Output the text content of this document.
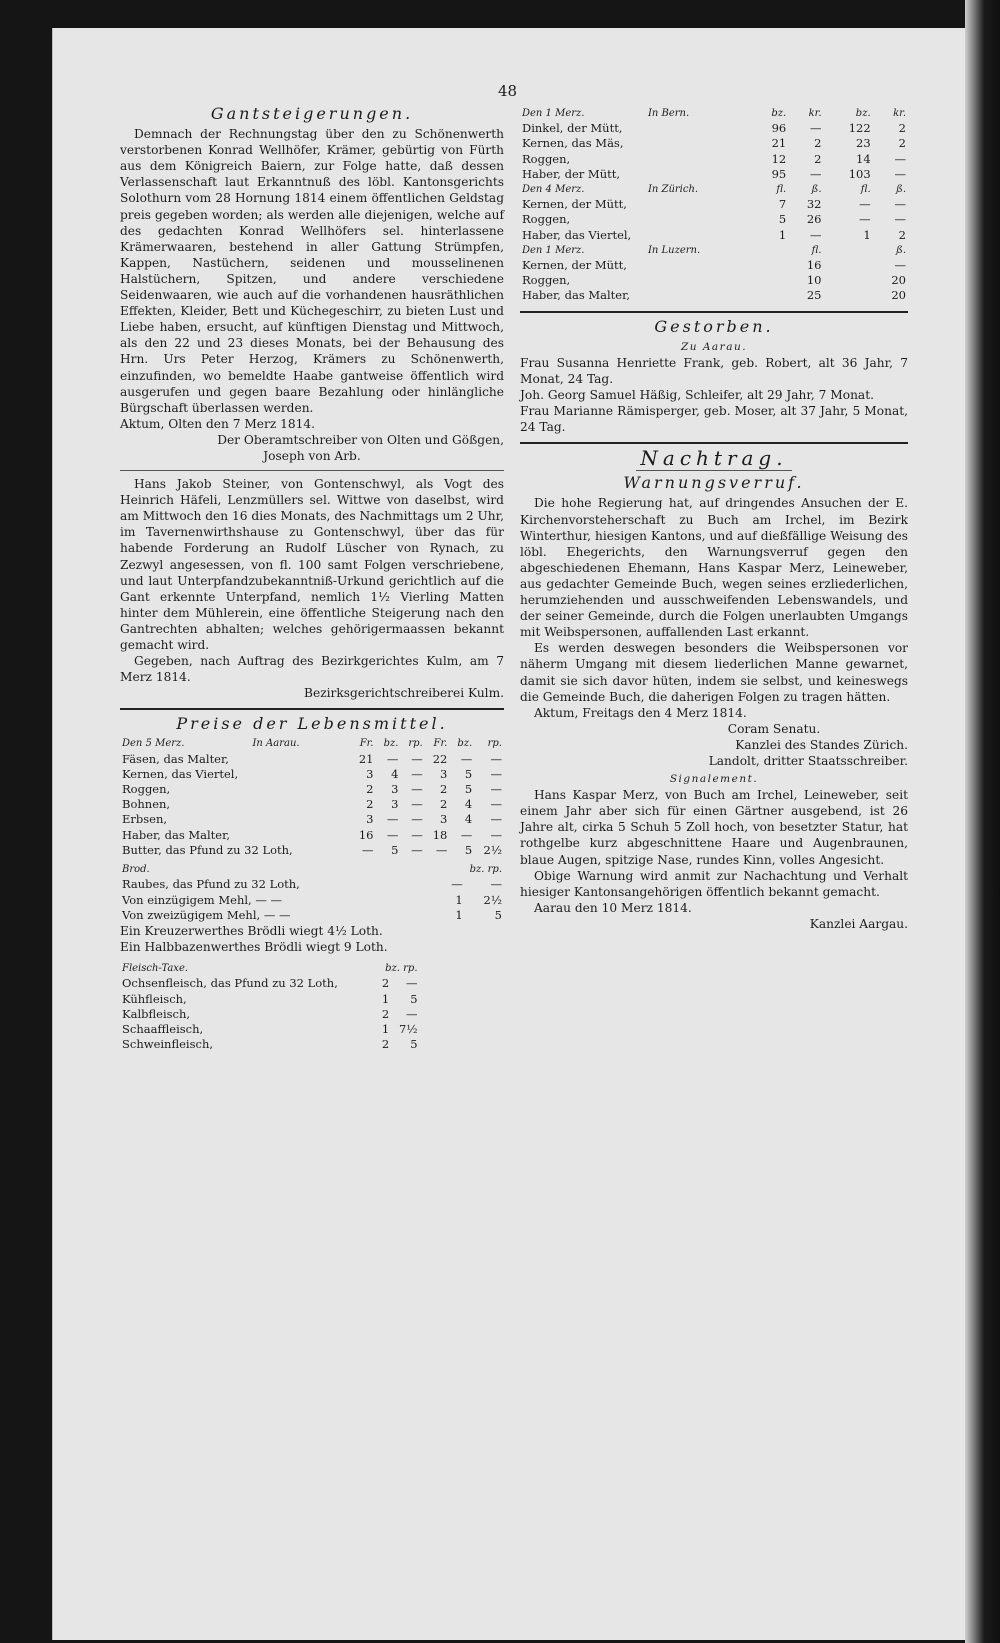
48
Gantsteigerungen.

Demnach der Rechnungstag über den zu Schönenwerth verstorbenen Konrad Wellhöfer, Krämer, gebürtig von Fürth aus dem Königreich Baiern, zur Folge hatte, daß dessen Verlassenschaft laut Erkanntnuß des löbl. Kantonsgerichts Solothurn vom 28 Hornung 1814 einem öffentlichen Geldstag preis gegeben worden; als werden alle diejenigen, welche auf des gedachten Konrad Wellhöfers sel. hinterlassene Krämerwaaren, bestehend in aller Gattung Strümpfen, Kappen, Nastüchern, seidenen und mousselinenen Halstüchern, Spitzen, und andere verschiedene Seidenwaaren, wie auch auf die vorhandenen hausräthlichen Effekten, Kleider, Bett und Küchegeschirr, zu bieten Lust und Liebe haben, ersucht, auf künftigen Dienstag und Mittwoch, als den 22 und 23 dieses Monats, bei der Behausung des Hrn. Urs Peter Herzog, Krämers zu Schönenwerth, einzufinden, wo bemeldte Haabe gantweise öffentlich wird ausgerufen und gegen baare Bezahlung oder hinlängliche Bürgschaft überlassen werden.

Aktum, Olten den 7 Merz 1814.

Der Oberamtschreiber von Olten und Gößgen,

Joseph von Arb.

Hans Jakob Steiner, von Gontenschwyl, als Vogt des Heinrich Häfeli, Lenzmüllers sel. Wittwe von daselbst, wird am Mittwoch den 16 dies Monats, des Nachmittags um 2 Uhr, im Tavernenwirthshause zu Gontenschwyl, über das für habende Forderung an Rudolf Lüscher von Rynach, zu Zezwyl angesessen, von fl. 100 samt Folgen verschriebene, und laut Unterpfandzubekanntniß-Urkund gerichtlich auf die Gant erkennte Unterpfand, nemlich 1½ Vierling Matten hinter dem Mühlerein, eine öffentliche Steigerung nach den Gantrechten abhalten; welches gehörigermaassen bekannt gemacht wird.

Gegeben, nach Auftrag des Bezirkgerichtes Kulm, am 7 Merz 1814.

Bezirksgerichtschreiberei Kulm.

Preise der Lebensmittel.
Den 5 Merz.	In Aarau.	Fr.	bz.	rp.	Fr.	bz.	rp.
Fäsen, das Malter,		21	—	—	22	—	—
Kernen, das Viertel,		3	4	—	3	5	—
Roggen,		2	3	—	2	5	—
Bohnen,		2	3	—	2	4	—
Erbsen,		3	—	—	3	4	—
Haber, das Malter,		16	—	—	18	—	—
Butter, das Pfund zu 32 Loth,		—	5	—	—	5	2½
Brod.	bz. rp.	
Raubes, das Pfund zu 32 Loth,	—	—
Von einzügigem Mehl, — —	1	2½
Von zweizügigem Mehl, — —	1	5

Ein Kreuzerwerthes Brödli wiegt 4½ Loth.

Ein Halbbazenwerthes Brödli wiegt 9 Loth.

Fleisch-Taxe.	bz. rp.	
Ochsenfleisch, das Pfund zu 32 Loth,	2	—
Kühfleisch,	1	5
Kalbfleisch,	2	—
Schaaffleisch,	1	7½
Schweinfleisch,	2	5
Den 1 Merz.	In Bern.	bz.	kr.	bz.	kr.
Dinkel, der Mütt,		96	—	122	2
Kernen, das Mäs,		21	2	23	2
Roggen,		12	2	14	—
Haber, der Mütt,		95	—	103	—
Den 4 Merz.	In Zürich.	fl.	ß.	fl.	ß.
Kernen, der Mütt,		7	32	—	—
Roggen,		5	26	—	—
Haber, das Viertel,		1	—	1	2
Den 1 Merz.	In Luzern.		fl.		ß.
Kernen, der Mütt,			16		—
Roggen,			10		20
Haber, das Malter,			25		20
Gestorben.
Zu Aarau.

Frau Susanna Henriette Frank, geb. Robert, alt 36 Jahr, 7 Monat, 24 Tag.

Joh. Georg Samuel Häßig, Schleifer, alt 29 Jahr, 7 Monat.

Frau Marianne Rämisperger, geb. Moser, alt 37 Jahr, 5 Monat, 24 Tag.

Nachtrag.
Warnungsverruf.

Die hohe Regierung hat, auf dringendes Ansuchen der E. Kirchenvorsteherschaft zu Buch am Irchel, im Bezirk Winterthur, hiesigen Kantons, und auf dießfällige Weisung des löbl. Ehegerichts, den Warnungsverruf gegen den abgeschiedenen Ehemann, Hans Kaspar Merz, Leineweber, aus gedachter Gemeinde Buch, wegen seines erzliederlichen, herumziehenden und ausschweifenden Lebenswandels, und der seiner Gemeinde, durch die Folgen unerlaubten Umgangs mit Weibspersonen, auffallenden Last erkannt.

Es werden deswegen besonders die Weibspersonen vor näherm Umgang mit diesem liederlichen Manne gewarnet, damit sie sich davor hüten, indem sie selbst, und keineswegs die Gemeinde Buch, die daherigen Folgen zu tragen hätten.

Aktum, Freitags den 4 Merz 1814.

Coram Senatu.

Kanzlei des Standes Zürich.

Landolt, dritter Staatsschreiber.

Signalement.

Hans Kaspar Merz, von Buch am Irchel, Leineweber, seit einem Jahr aber sich für einen Gärtner ausgebend, ist 26 Jahre alt, cirka 5 Schuh 5 Zoll hoch, von besetzter Statur, hat rothgelbe kurz abgeschnittene Haare und Augenbraunen, blaue Augen, spitzige Nase, rundes Kinn, volles Angesicht.

Obige Warnung wird anmit zur Nachachtung und Verhalt hiesiger Kantonsangehörigen öffentlich bekannt gemacht.

Aarau den 10 Merz 1814.

Kanzlei Aargau.
